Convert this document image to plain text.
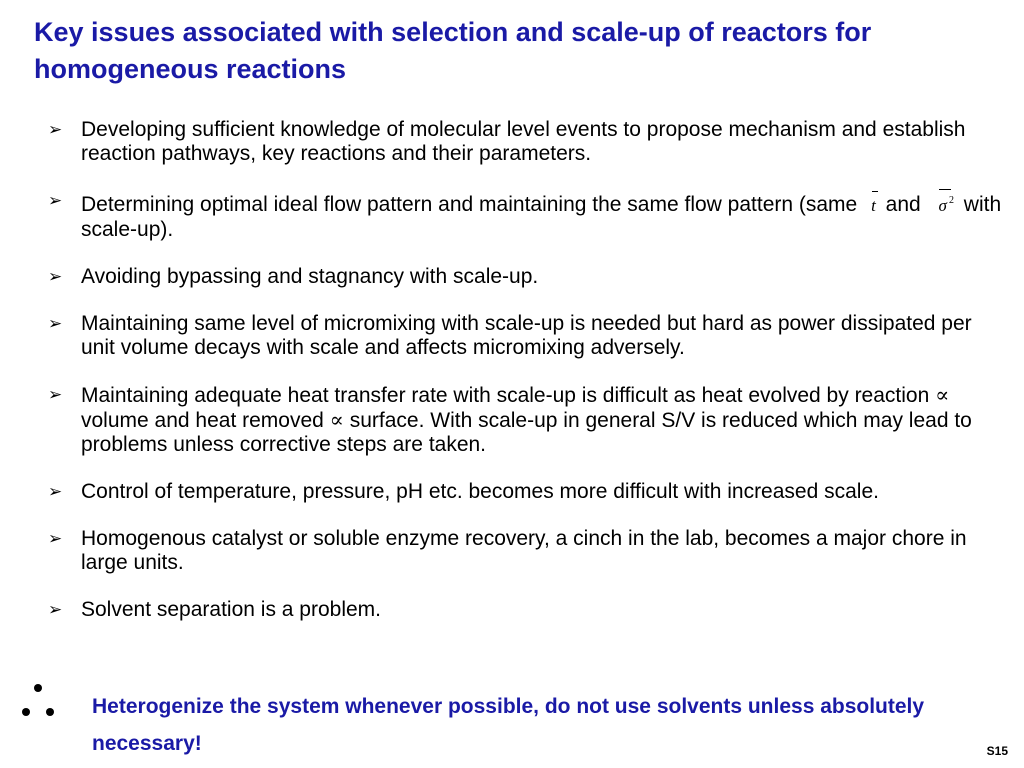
Key issues associated with selection and scale-up of reactors for homogeneous reactions
➢ Developing sufficient knowledge of molecular level events to propose mechanism and establish reaction pathways, key reactions and their parameters.
➢ Determining optimal ideal flow pattern and maintaining the same flow pattern (same t and σ $^2$ with scale-up).
➢ Avoiding bypassing and stagnancy with scale-up.
➢ Maintaining same level of micromixing with scale-up is needed but hard as power dissipated per unit volume decays with scale and affects micromixing adversely.
➢ Maintaining adequate heat transfer rate with scale-up is difficult as heat evolved by reaction ∝ volume and heat removed ∝ surface. With scale-up in general S/V is reduced which may lead to problems unless corrective steps are taken.
➢ Control of temperature, pressure, pH etc. becomes more difficult with increased scale.
➢ Homogenous catalyst or soluble enzyme recovery, a cinch in the lab, becomes a major chore in large units.
➢ Solvent separation is a problem.
Heterogenize the system whenever possible, do not use solvents unless absolutely necessary!	S15
